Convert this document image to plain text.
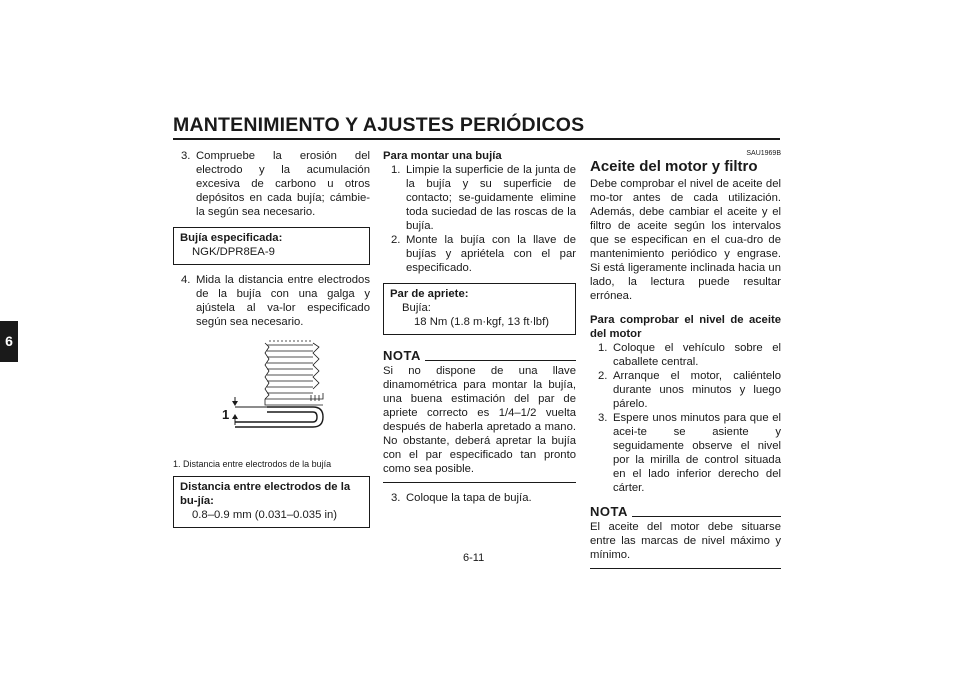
MANTENIMIENTO Y AJUSTES PERIÓDICOS
6
3. Compruebe la erosión del electrodo y la acumulación excesiva de carbono u otros depósitos en cada bujía; cámbie-la según sea necesario.
Bujía especificada:
NGK/DPR8EA-9
4. Mida la distancia entre electrodos de la bujía con una galga y ajústela al va-lor especificado según sea necesario.
1
1. Distancia entre electrodos de la bujía
Distancia entre electrodos de la bu-jía:
0.8–0.9 mm (0.031–0.035 in)
Para montar una bujía
1. Limpie la superficie de la junta de la bujía y su superficie de contacto; se-guidamente elimine toda suciedad de las roscas de la bujía.
2. Monte la bujía con la llave de bujías y apriétela con el par especificado.
Par de apriete:
Bujía:
18 Nm (1.8 m·kgf, 13 ft·lbf)
NOTA
Si no dispone de una llave dinamométrica para montar la bujía, una buena estimación del par de apriete correcto es 1/4–1/2 vuelta después de haberla apretado a mano. No obstante, deberá apretar la bujía con el par especificado tan pronto como sea posible.
3. Coloque la tapa de bujía.
SAU1969B
Aceite del motor y filtro
Debe comprobar el nivel de aceite del mo-tor antes de cada utilización. Además, debe cambiar el aceite y el filtro de aceite según los intervalos que se especifican en el cua-dro de mantenimiento periódico y engrase. Si está ligeramente inclinada hacia un lado, la lectura puede resultar errónea.
Para comprobar el nivel de aceite del motor
1. Coloque el vehículo sobre el caballete central.
2. Arranque el motor, caliéntelo durante unos minutos y luego párelo.
3. Espere unos minutos para que el acei-te se asiente y seguidamente observe el nivel por la mirilla de control situada en el lado inferior derecho del cárter.
NOTA
El aceite del motor debe situarse entre las marcas de nivel máximo y mínimo.
6-11
